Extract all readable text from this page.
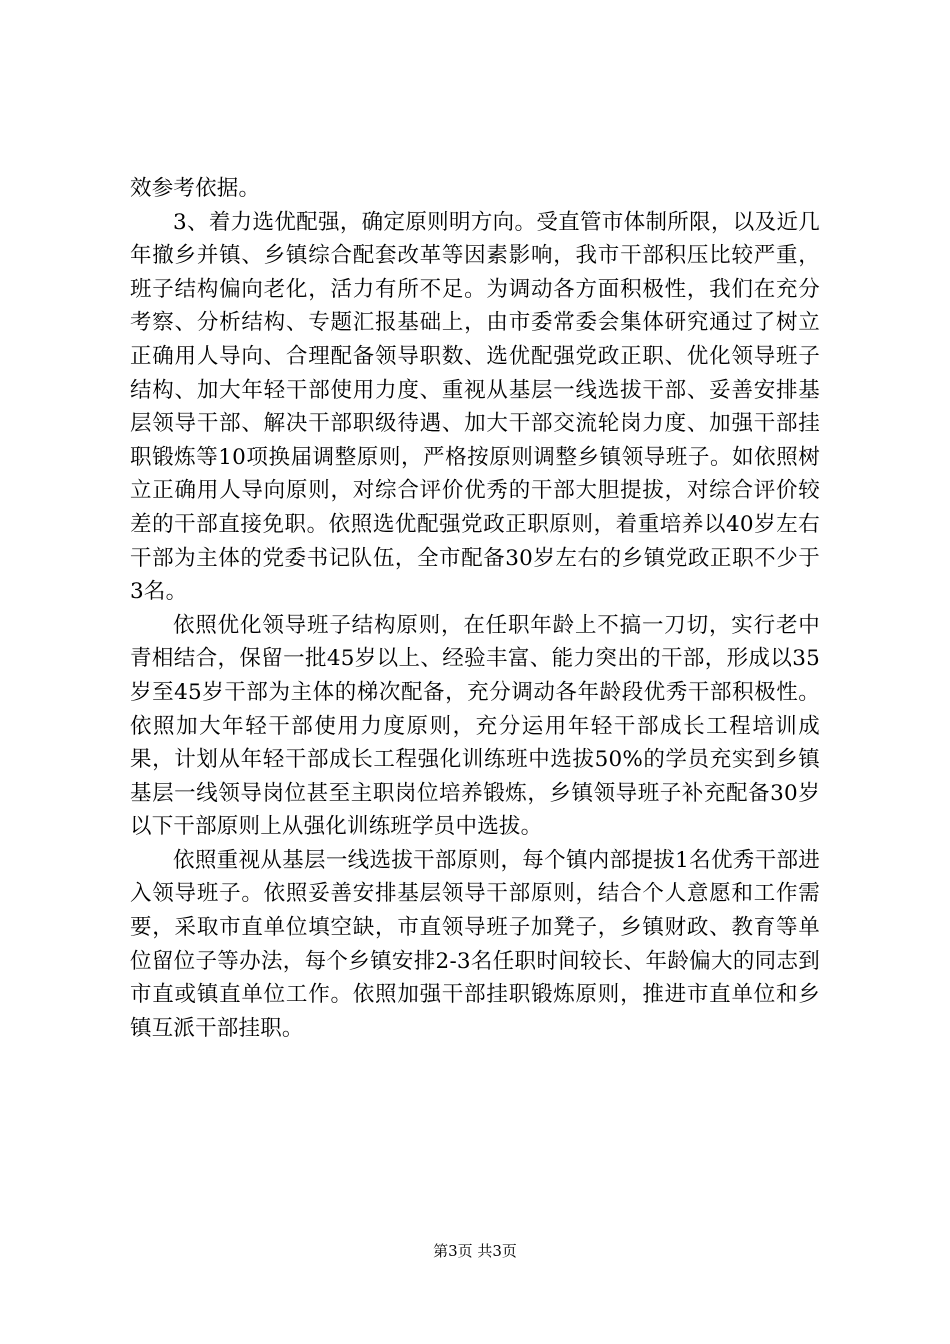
效参考依据。

3、着力选优配强，确定原则明方向。受直管市体制所限，以及近几年撤乡并镇、乡镇综合配套改革等因素影响，我市干部积压比较严重，班子结构偏向老化，活力有所不足。为调动各方面积极性，我们在充分考察、分析结构、专题汇报基础上，由市委常委会集体研究通过了树立正确用人导向、合理配备领导职数、选优配强党政正职、优化领导班子结构、加大年轻干部使用力度、重视从基层一线选拔干部、妥善安排基层领导干部、解决干部职级待遇、加大干部交流轮岗力度、加强干部挂职锻炼等10项换届调整原则，严格按原则调整乡镇领导班子。如依照树立正确用人导向原则，对综合评价优秀的干部大胆提拔，对综合评价较差的干部直接免职。依照选优配强党政正职原则，着重培养以40岁左右干部为主体的党委书记队伍，全市配备30岁左右的乡镇党政正职不少于3名。

依照优化领导班子结构原则，在任职年龄上不搞一刀切，实行老中青相结合，保留一批45岁以上、经验丰富、能力突出的干部，形成以35岁至45岁干部为主体的梯次配备，充分调动各年龄段优秀干部积极性。依照加大年轻干部使用力度原则，充分运用年轻干部成长工程培训成果，计划从年轻干部成长工程强化训练班中选拔50%的学员充实到乡镇基层一线领导岗位甚至主职岗位培养锻炼，乡镇领导班子补充配备30岁以下干部原则上从强化训练班学员中选拔。

依照重视从基层一线选拔干部原则，每个镇内部提拔1名优秀干部进入领导班子。依照妥善安排基层领导干部原则，结合个人意愿和工作需要，采取市直单位填空缺，市直领导班子加凳子，乡镇财政、教育等单位留位子等办法，每个乡镇安排2-3名任职时间较长、年龄偏大的同志到市直或镇直单位工作。依照加强干部挂职锻炼原则，推进市直单位和乡镇互派干部挂职。

第3页 共3页
